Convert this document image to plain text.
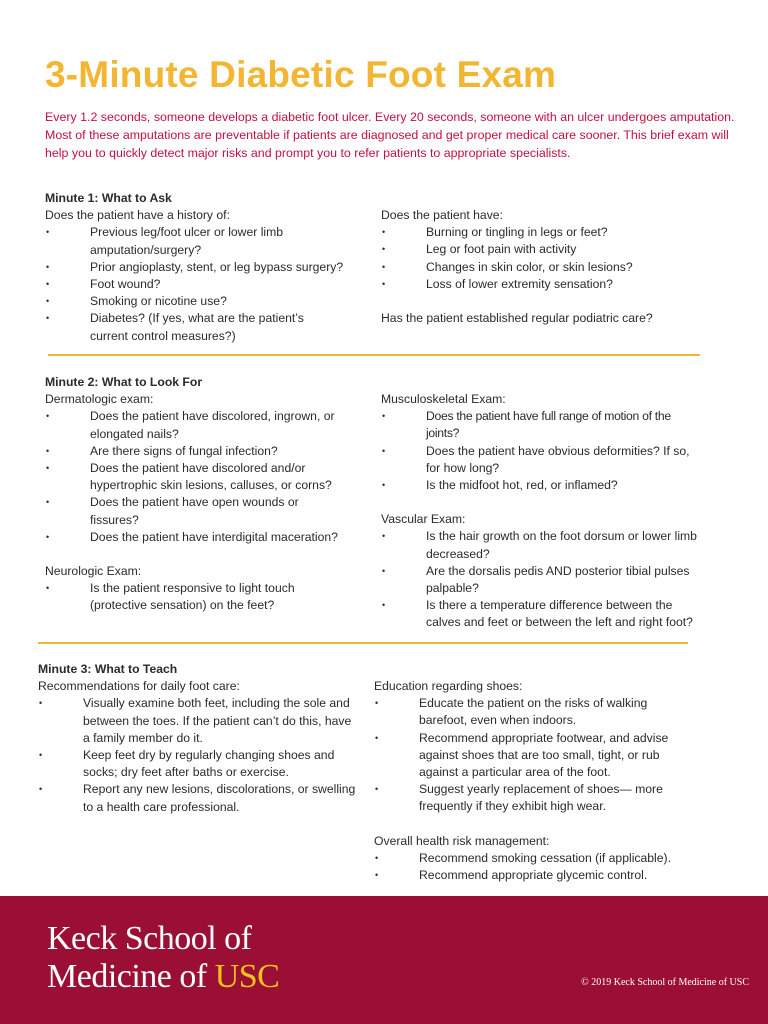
3-Minute Diabetic Foot Exam
Every 1.2 seconds, someone develops a diabetic foot ulcer. Every 20 seconds, someone with an ulcer undergoes amputation. Most of these amputations are preventable if patients are diagnosed and get proper medical care sooner. This brief exam will help you to quickly detect major risks and prompt you to refer patients to appropriate specialists.

Minute 1: What to Ask

Does the patient have a history of:

• Previous leg/foot ulcer or lower limb amputation/surgery?
• Prior angioplasty, stent, or leg bypass surgery?
• Foot wound?
• Smoking or nicotine use?
• Diabetes? (If yes, what are the patient’s current control measures?)

Does the patient have:

• Burning or tingling in legs or feet?
• Leg or foot pain with activity
• Changes in skin color, or skin lesions?
• Loss of lower extremity sensation?

Has the patient established regular podiatric care?

Minute 2: What to Look For

Dermatologic exam:

• Does the patient have discolored, ingrown, or elongated nails?
• Are there signs of fungal infection?
• Does the patient have discolored and/or hypertrophic skin lesions, calluses, or corns?
• Does the patient have open wounds or fissures?
• Does the patient have interdigital maceration?

Neurologic Exam:

• Is the patient responsive to light touch (protective sensation) on the feet?

Musculoskeletal Exam:

• Does the patient have full range of motion of the joints?
• Does the patient have obvious deformities? If so, for how long?
• Is the midfoot hot, red, or inflamed?

Vascular Exam:

• Is the hair growth on the foot dorsum or lower limb decreased?
• Are the dorsalis pedis AND posterior tibial pulses palpable?
• Is there a temperature difference between the calves and feet or between the left and right foot?

Minute 3: What to Teach

Recommendations for daily foot care:

• Visually examine both feet, including the sole and between the toes. If the patient can’t do this, have a family member do it.
• Keep feet dry by regularly changing shoes and socks; dry feet after baths or exercise.
• Report any new lesions, discolorations, or swelling to a health care professional.

Education regarding shoes:

• Educate the patient on the risks of walking barefoot, even when indoors.
• Recommend appropriate footwear, and advise against shoes that are too small, tight, or rub against a particular area of the foot.
• Suggest yearly replacement of shoes— more frequently if they exhibit high wear.

Overall health risk management:

• Recommend smoking cessation (if applicable).
• Recommend appropriate glycemic control.
Keck School of
Medicine of USC	© 2019 Keck School of Medicine of USC
